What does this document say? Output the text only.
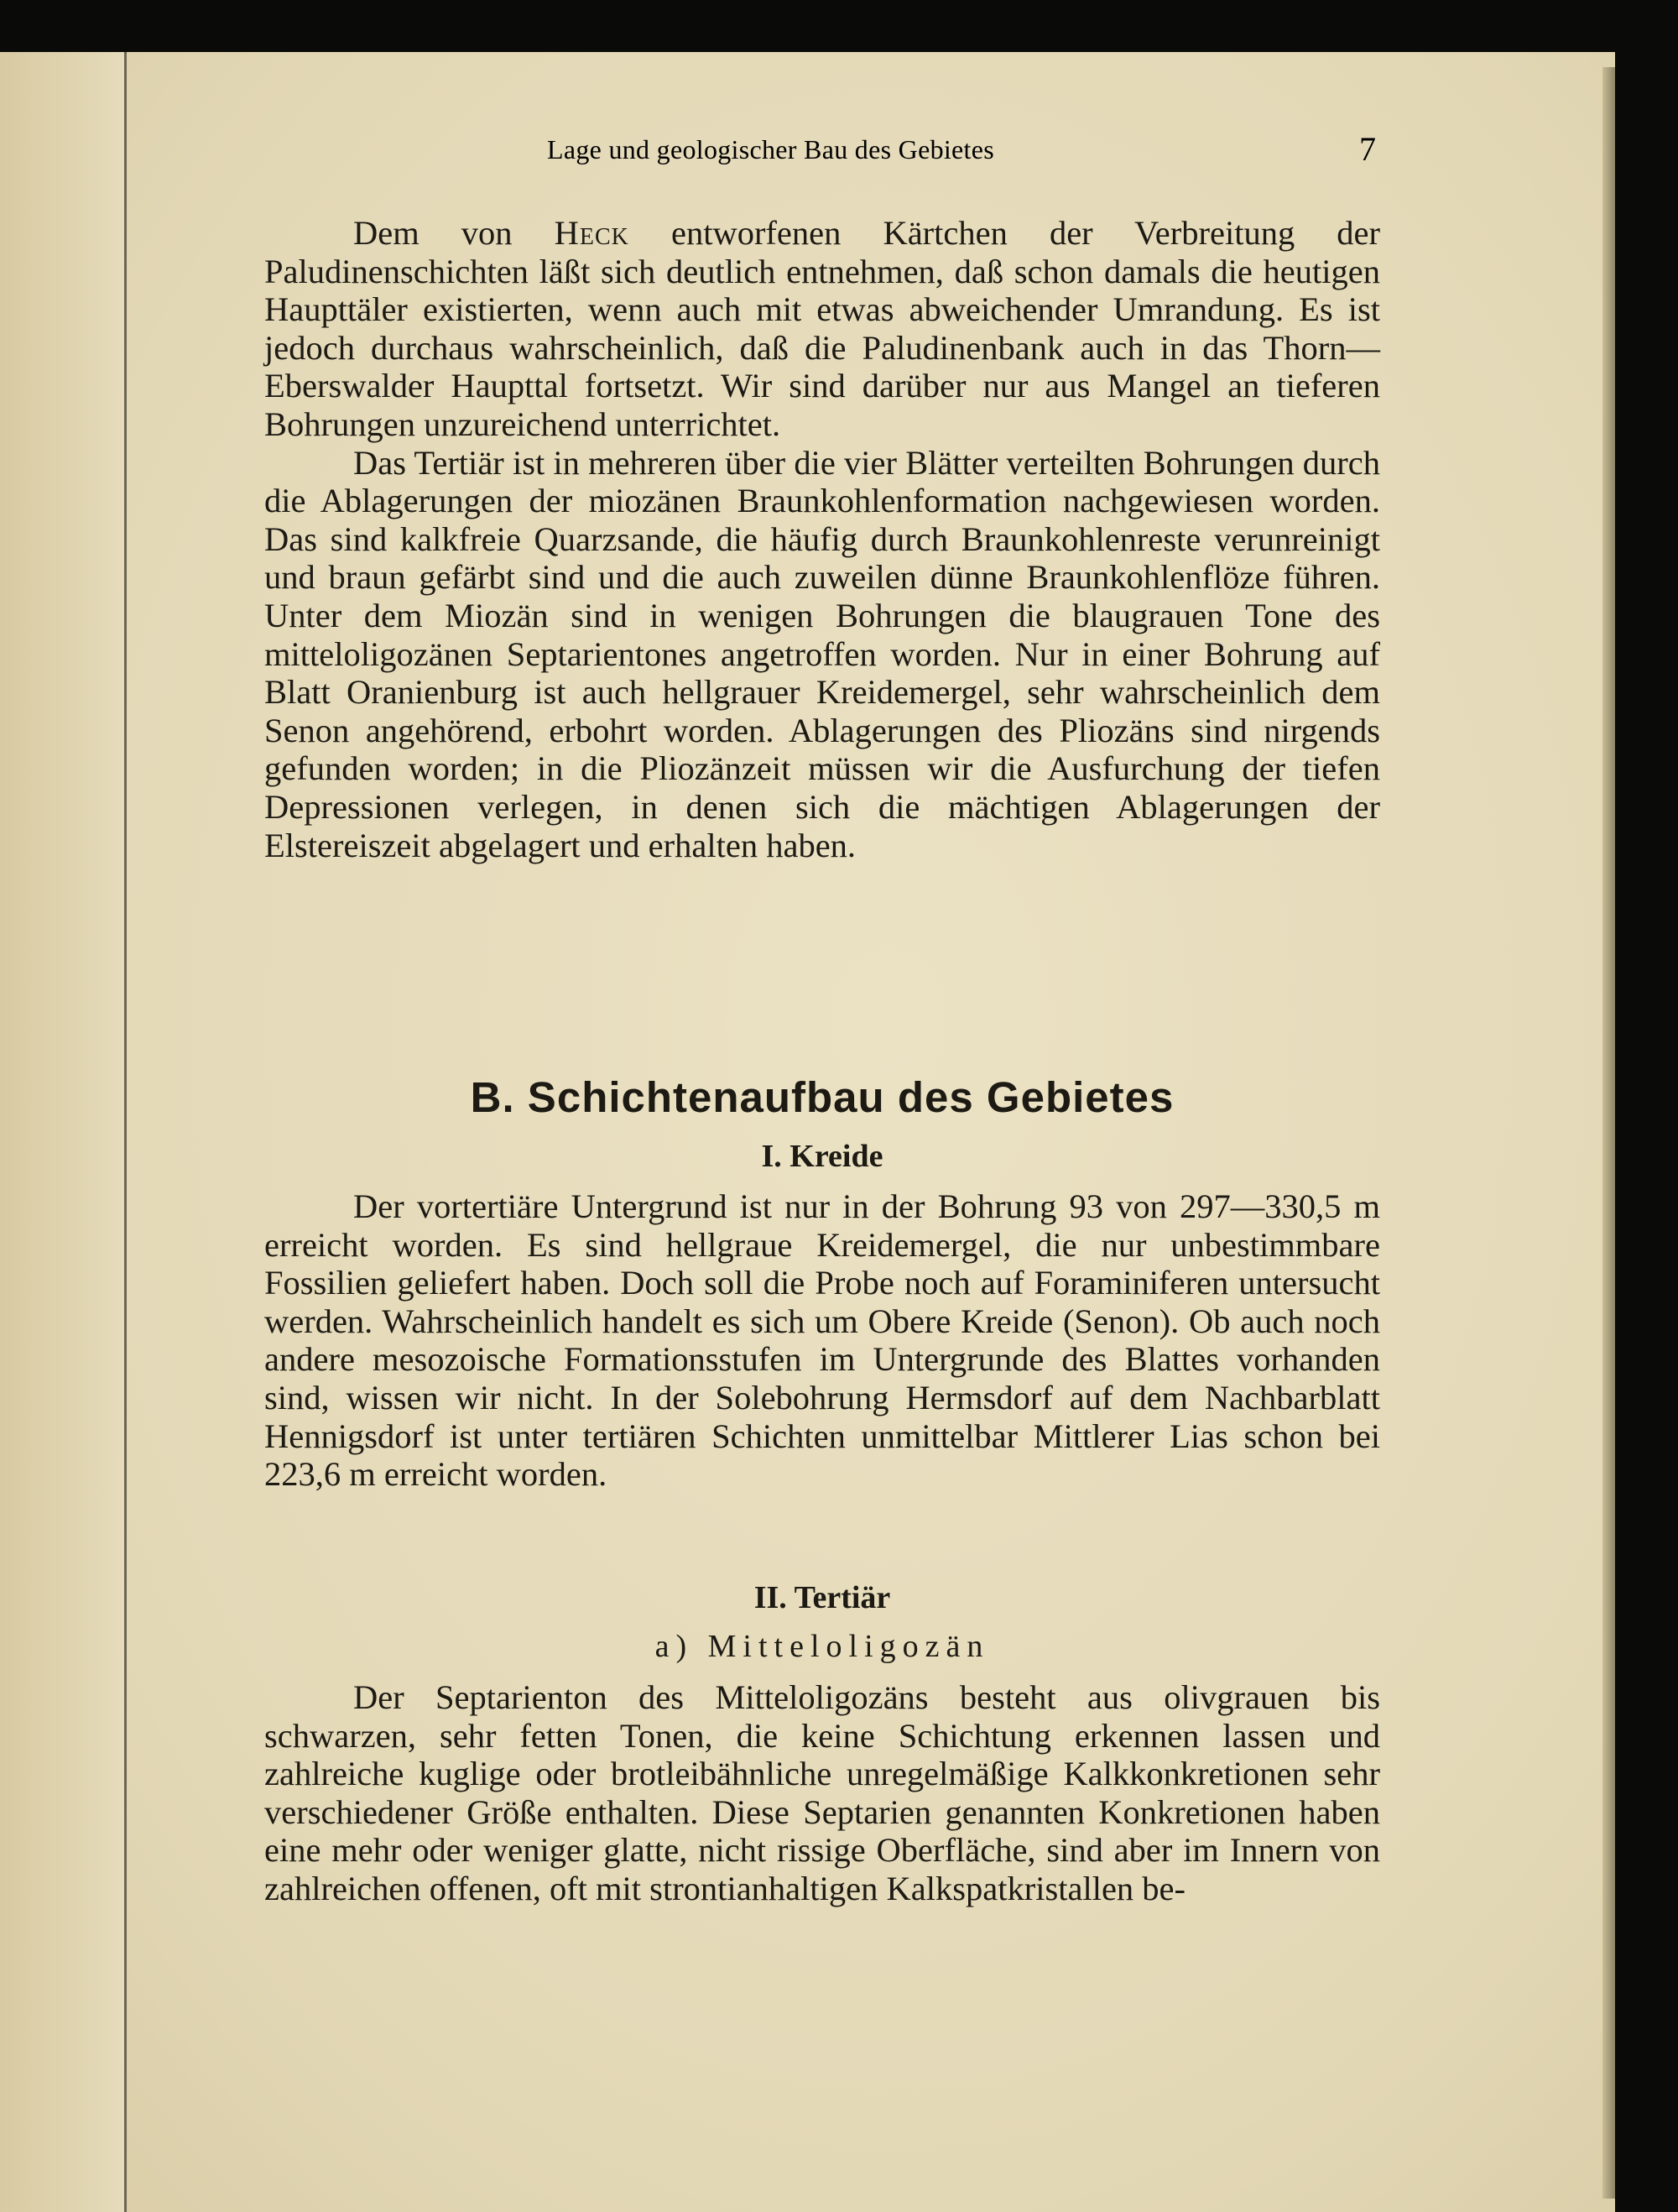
Lage und geologischer Bau des Gebietes	7

Dem von Heck entworfenen Kärtchen der Verbreitung der Paludinenschichten läßt sich deutlich entnehmen, daß schon damals die heutigen Haupttäler existierten, wenn auch mit etwas abweichender Umrandung. Es ist jedoch durchaus wahrscheinlich, daß die Paludinenbank auch in das Thorn—Eberswalder Haupttal fortsetzt. Wir sind darüber nur aus Mangel an tieferen Bohrungen unzureichend unterrichtet.

Das Tertiär ist in mehreren über die vier Blätter verteilten Bohrungen durch die Ablagerungen der miozänen Braunkohlenformation nachgewiesen worden. Das sind kalkfreie Quarzsande, die häufig durch Braunkohlenreste verunreinigt und braun gefärbt sind und die auch zuweilen dünne Braunkohlenflöze führen. Unter dem Miozän sind in wenigen Bohrungen die blaugrauen Tone des mitteloligozänen Septarientones angetroffen worden. Nur in einer Bohrung auf Blatt Oranienburg ist auch hellgrauer Kreidemergel, sehr wahrscheinlich dem Senon angehörend, erbohrt worden. Ablagerungen des Pliozäns sind nirgends gefunden worden; in die Pliozänzeit müssen wir die Ausfurchung der tiefen Depressionen verlegen, in denen sich die mächtigen Ablagerungen der Elstereiszeit abgelagert und erhalten haben.

B. Schichtenaufbau des Gebietes
I. Kreide

Der vortertiäre Untergrund ist nur in der Bohrung 93 von 297—330,5 m erreicht worden. Es sind hellgraue Kreidemergel, die nur unbestimmbare Fossilien geliefert haben. Doch soll die Probe noch auf Foraminiferen untersucht werden. Wahrscheinlich handelt es sich um Obere Kreide (Senon). Ob auch noch andere mesozoische Formationsstufen im Untergrunde des Blattes vorhanden sind, wissen wir nicht. In der Solebohrung Hermsdorf auf dem Nachbarblatt Hennigsdorf ist unter tertiären Schichten unmittelbar Mittlerer Lias schon bei 223,6 m erreicht worden.

II. Tertiär
a) Mitteloligozän

Der Septarienton des Mitteloligozäns besteht aus olivgrauen bis schwarzen, sehr fetten Tonen, die keine Schichtung erkennen lassen und zahlreiche kuglige oder brotleibähnliche unregelmäßige Kalkkonkretionen sehr verschiedener Größe enthalten. Diese Septarien genannten Konkretionen haben eine mehr oder weniger glatte, nicht rissige Oberfläche, sind aber im Innern von zahlreichen offenen, oft mit strontianhaltigen Kalkspatkristallen be-
